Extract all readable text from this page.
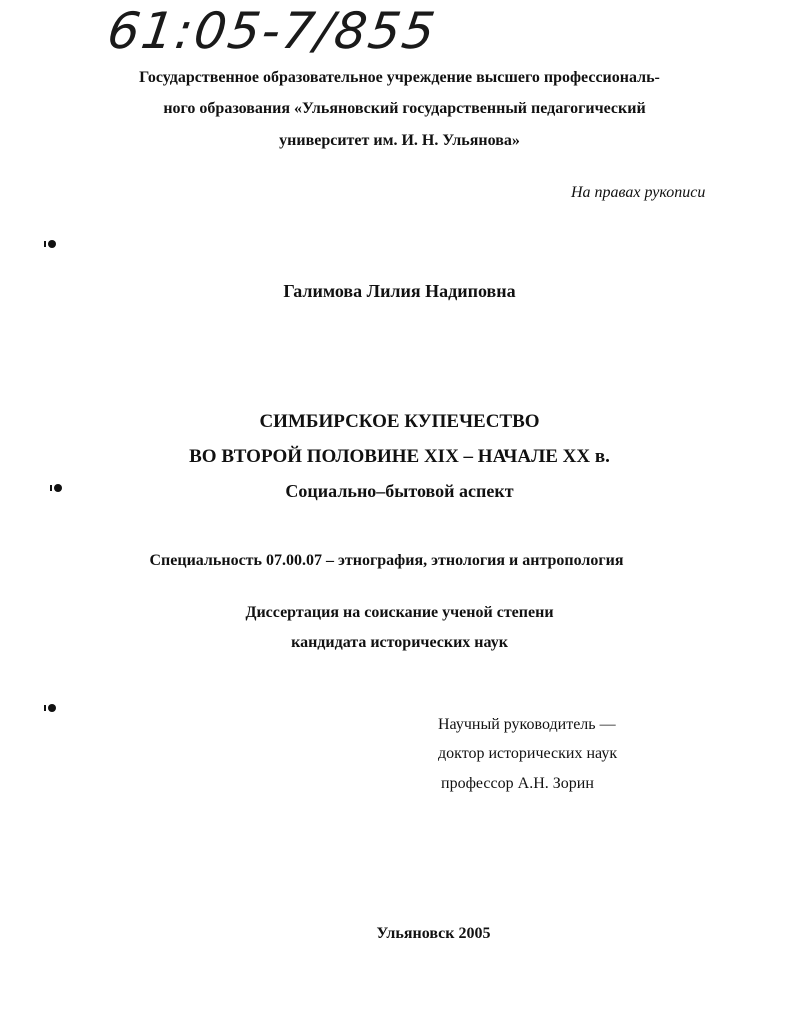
61:05-7/855
Государственное образовательное учреждение высшего профессиональ-
ного образования «Ульяновский государственный педагогический
университет им. И. Н. Ульянова»
На правах рукописи
Галимова Лилия Надиповна
СИМБИРСКОЕ КУПЕЧЕСТВО
ВО ВТОРОЙ ПОЛОВИНЕ XIX – НАЧАЛЕ XX в.
Социально–бытовой аспект
Специальность 07.00.07 – этнография, этнология и антропология
Диссертация на соискание ученой степени
кандидата исторических наук
Научный руководитель —
доктор исторических наук
профессор А.Н. Зорин
Ульяновск 2005
